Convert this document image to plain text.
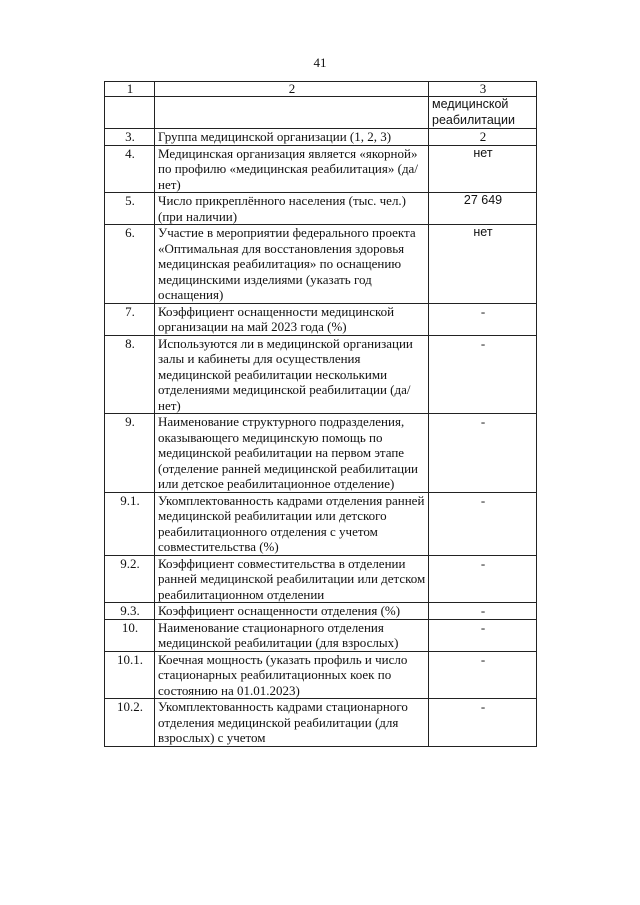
41
1	2	3
		медицинской реабилитации
3.	Группа медицинской организации (1, 2, 3)	2
4.	Медицинская организация является «якорной» по профилю «медицинская реабилитация» (да/нет)	нет
5.	Число прикреплённого населения (тыс. чел.) (при наличии)	27 649
6.	Участие в мероприятии федерального проекта «Оптимальная для восстановления здоровья медицинская реабилитация» по оснащению медицинскими изделиями (указать год оснащения)	нет
7.	Коэффициент оснащенности медицинской организации на май 2023 года (%)	-
8.	Используются ли в медицинской организации залы и кабинеты для осуществления медицинской реабилитации несколькими отделениями медицинской реабилитации (да/нет)	-
9.	Наименование структурного подразделения, оказывающего медицинскую помощь по медицинской реабилитации на первом этапе (отделение ранней медицинской реабилитации или детское реабилитационное отделение)	-
9.1.	Укомплектованность кадрами отделения ранней медицинской реабилитации или детского реабилитационного отделения с учетом совместительства (%)	-
9.2.	Коэффициент совместительства в отделении ранней медицинской реабилитации или детском реабилитационном отделении	-
9.3.	Коэффициент оснащенности отделения (%)	-
10.	Наименование стационарного отделения медицинской реабилитации (для взрослых)	-
10.1.	Коечная мощность (указать профиль и число стационарных реабилитационных коек по состоянию на 01.01.2023)	-
10.2.	Укомплектованность кадрами стационарного отделения медицинской реабилитации (для взрослых) с учетом	-
